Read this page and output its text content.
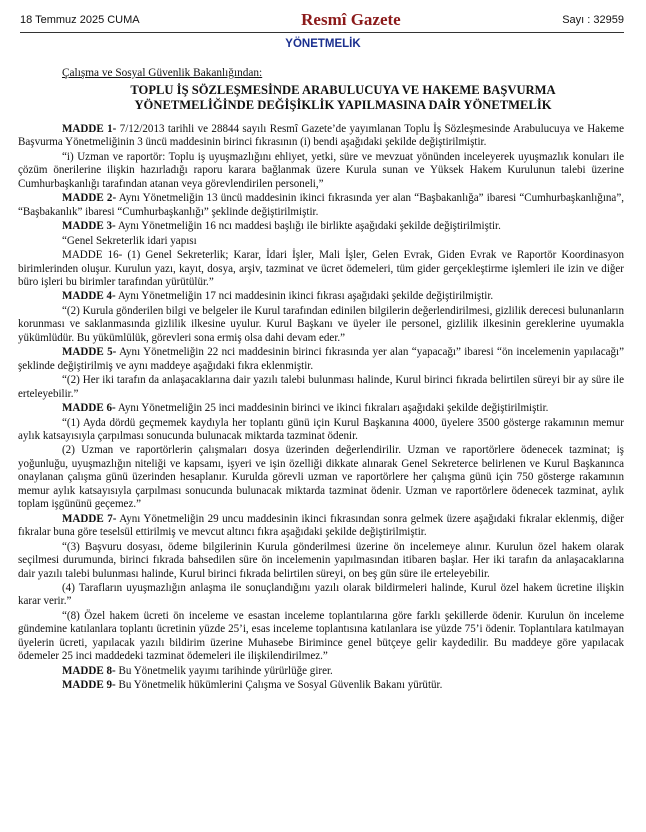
18 Temmuz 2025 CUMA	Resmî Gazete	Sayı : 32959
YÖNETMELİK

Çalışma ve Sosyal Güvenlik Bakanlığından:

TOPLU İŞ SÖZLEŞMESİNDE ARABULUCUYA VE HAKEME BAŞVURMA
YÖNETMELİĞİNDE DEĞİŞİKLİK YAPILMASINA DAİR YÖNETMELİK

MADDE 1- 7/12/2013 tarihli ve 28844 sayılı Resmî Gazete’de yayımlanan Toplu İş Sözleşmesinde Arabulucuya ve Hakeme Başvurma Yönetmeliğinin 3 üncü maddesinin birinci fıkrasının (i) bendi aşağıdaki şekilde değiştirilmiştir.

“i) Uzman ve raportör: Toplu iş uyuşmazlığını ehliyet, yetki, süre ve mevzuat yönünden inceleyerek uyuşmazlık konuları ile çözüm önerilerine ilişkin hazırladığı raporu karara bağlanmak üzere Kurula sunan ve Yüksek Hakem Kurulunun talebi üzerine Cumhurbaşkanlığı tarafından atanan veya görevlendirilen personeli,”

MADDE 2- Aynı Yönetmeliğin 13 üncü maddesinin ikinci fıkrasında yer alan “Başbakanlığa” ibaresi “Cumhurbaşkanlığına”, “Başbakanlık” ibaresi “Cumhurbaşkanlığı” şeklinde değiştirilmiştir.

MADDE 3- Aynı Yönetmeliğin 16 ncı maddesi başlığı ile birlikte aşağıdaki şekilde değiştirilmiştir.

“Genel Sekreterlik idari yapısı

MADDE 16- (1) Genel Sekreterlik; Karar, İdari İşler, Mali İşler, Gelen Evrak, Giden Evrak ve Raportör Koordinasyon birimlerinden oluşur. Kurulun yazı, kayıt, dosya, arşiv, tazminat ve ücret ödemeleri, tüm gider gerçekleştirme işlemleri ile izin ve diğer büro işleri bu birimler tarafından yürütülür.”

MADDE 4- Aynı Yönetmeliğin 17 nci maddesinin ikinci fıkrası aşağıdaki şekilde değiştirilmiştir.

“(2) Kurula gönderilen bilgi ve belgeler ile Kurul tarafından edinilen bilgilerin değerlendirilmesi, gizlilik derecesi bulunanların korunması ve saklanmasında gizlilik ilkesine uyulur. Kurul Başkanı ve üyeler ile personel, gizlilik ilkesinin gereklerine uyumakla yükümlüdür. Bu yükümlülük, görevleri sona ermiş olsa dahi devam eder.”

MADDE 5- Aynı Yönetmeliğin 22 nci maddesinin birinci fıkrasında yer alan “yapacağı” ibaresi “ön incelemenin yapılacağı” şeklinde değiştirilmiş ve aynı maddeye aşağıdaki fıkra eklenmiştir.

“(2) Her iki tarafın da anlaşacaklarına dair yazılı talebi bulunması halinde, Kurul birinci fıkrada belirtilen süreyi bir ay süre ile erteleyebilir.”

MADDE 6- Aynı Yönetmeliğin 25 inci maddesinin birinci ve ikinci fıkraları aşağıdaki şekilde değiştirilmiştir.

“(1) Ayda dördü geçmemek kaydıyla her toplantı günü için Kurul Başkanına 4000, üyelere 3500 gösterge rakamının memur aylık katsayısıyla çarpılması sonucunda bulunacak miktarda tazminat ödenir.

(2) Uzman ve raportörlerin çalışmaları dosya üzerinden değerlendirilir. Uzman ve raportörlere ödenecek tazminat; iş yoğunluğu, uyuşmazlığın niteliği ve kapsamı, işyeri ve işin özelliği dikkate alınarak Genel Sekreterce belirlenen ve Kurul Başkanınca onaylanan çalışma günü üzerinden hesaplanır. Kurulda görevli uzman ve raportörlere her çalışma günü için 750 gösterge rakamının memur aylık katsayısıyla çarpılması sonucunda bulunacak miktarda tazminat ödenir. Uzman ve raportörlere ödenecek tazminat, aylık toplam işgününü geçemez.”

MADDE 7- Aynı Yönetmeliğin 29 uncu maddesinin ikinci fıkrasından sonra gelmek üzere aşağıdaki fıkralar eklenmiş, diğer fıkralar buna göre teselsül ettirilmiş ve mevcut altıncı fıkra aşağıdaki şekilde değiştirilmiştir.

“(3) Başvuru dosyası, ödeme bilgilerinin Kurula gönderilmesi üzerine ön incelemeye alınır. Kurulun özel hakem olarak seçilmesi durumunda, birinci fıkrada bahsedilen süre ön incelemenin yapılmasından itibaren başlar. Her iki tarafın da anlaşacaklarına dair yazılı talebi bulunması halinde, Kurul birinci fıkrada belirtilen süreyi, on beş gün süre ile erteleyebilir.

(4) Tarafların uyuşmazlığın anlaşma ile sonuçlandığını yazılı olarak bildirmeleri halinde, Kurul özel hakem ücretine ilişkin karar verir.”

“(8) Özel hakem ücreti ön inceleme ve esastan inceleme toplantılarına göre farklı şekillerde ödenir. Kurulun ön inceleme gündemine katılanlara toplantı ücretinin yüzde 25’i, esas inceleme toplantısına katılanlara ise yüzde 75’i ödenir. Toplantılara katılmayan üyelerin ücreti, yapılacak yazılı bildirim üzerine Muhasebe Birimince genel bütçeye gelir kaydedilir. Bu maddeye göre yapılacak ödemeler 25 inci maddedeki tazminat ödemeleri ile ilişkilendirilmez.”

MADDE 8- Bu Yönetmelik yayımı tarihinde yürürlüğe girer.

MADDE 9- Bu Yönetmelik hükümlerini Çalışma ve Sosyal Güvenlik Bakanı yürütür.
